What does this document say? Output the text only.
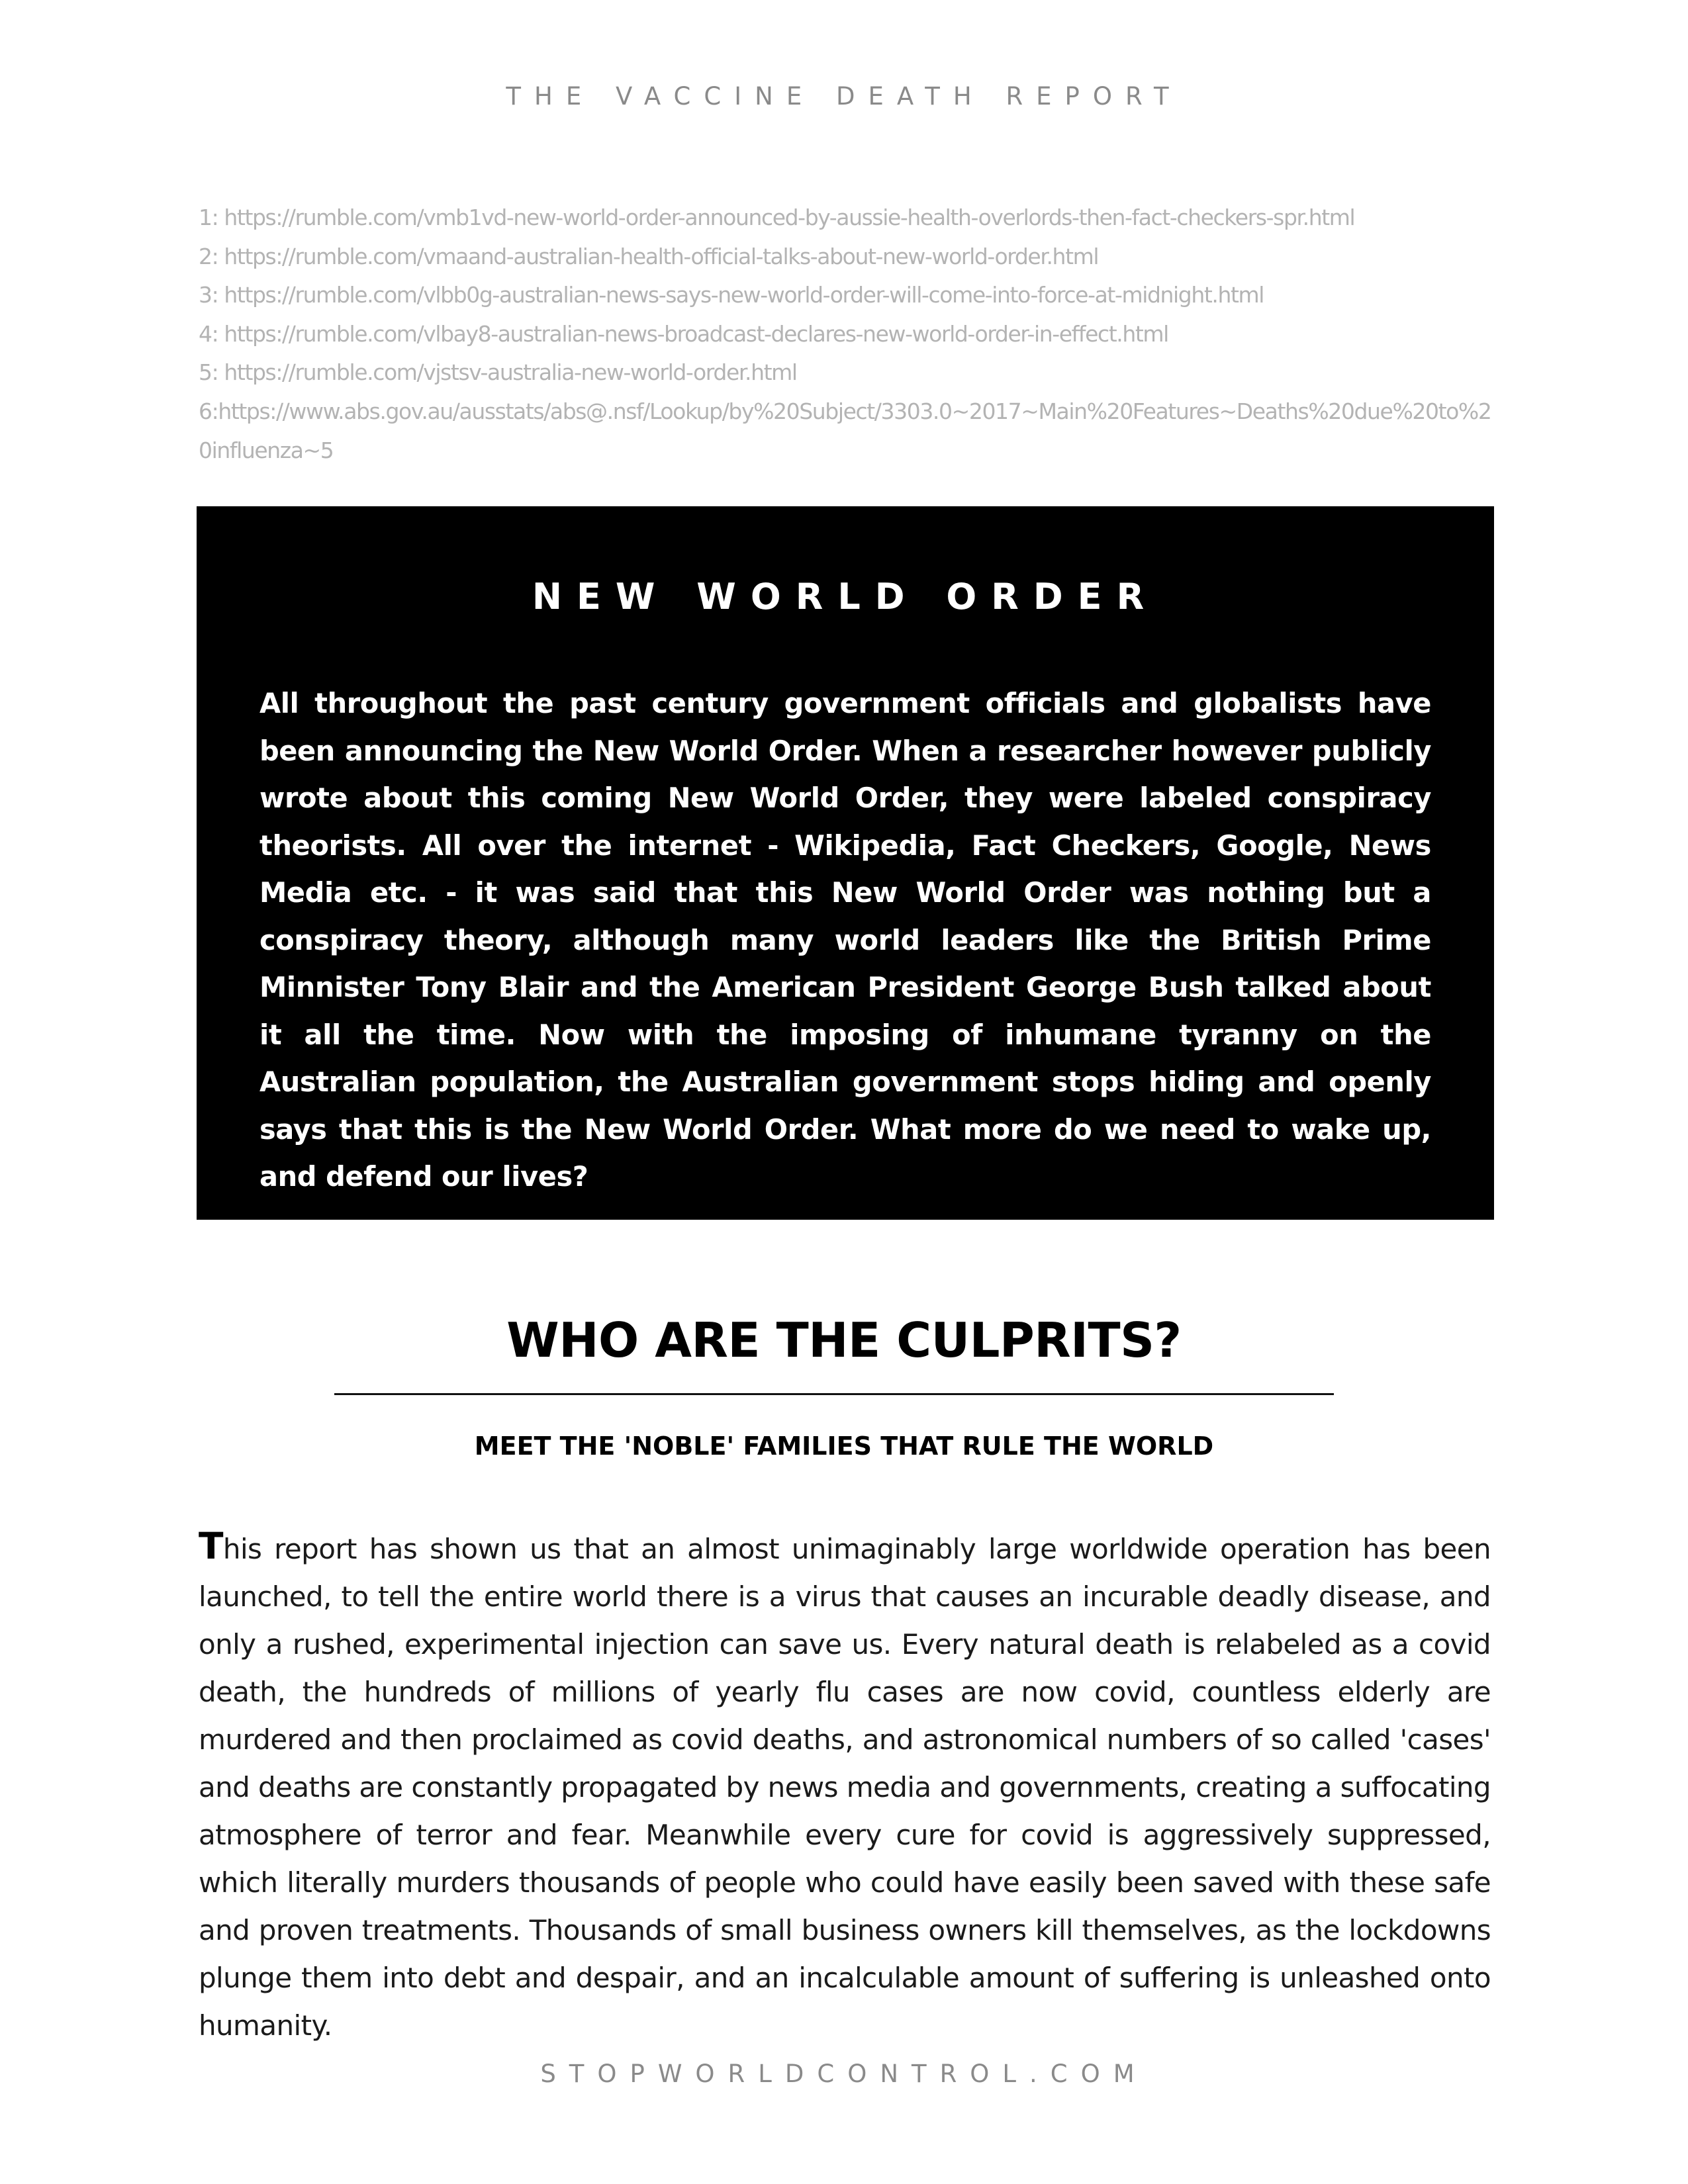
THE VACCINE DEATH REPORT
1: https://rumble.com/vmb1vd-new-world-order-announced-by-aussie-health-overlords-then-fact-checkers-spr.html
2: https://rumble.com/vmaand-australian-health-official-talks-about-new-world-order.html
3: https://rumble.com/vlbb0g-australian-news-says-new-world-order-will-come-into-force-at-midnight.html
4: https://rumble.com/vlbay8-australian-news-broadcast-declares-new-world-order-in-effect.html
5: https://rumble.com/vjstsv-australia-new-world-order.html
6:https://www.abs.gov.au/ausstats/abs@.nsf/Lookup/by%20Subject/3303.0~2017~Main%20Features~Deaths%20due%20to%20influenza~5
NEW WORLD ORDER

All throughout the past century government officials and globalists have been announcing the New World Order. When a researcher however publicly wrote about this coming New World Order, they were labeled conspiracy theorists. All over the internet - Wikipedia, Fact Checkers, Google, News Media etc. - it was said that this New World Order was nothing but a conspiracy theory, although many world leaders like the British Prime Minnister Tony Blair and the American President George Bush talked about it all the time. Now with the imposing of inhumane tyranny on the Australian population, the Australian government stops hiding and openly says that this is the New World Order. What more do we need to wake up, and defend our lives?

WHO ARE THE CULPRITS?
MEET THE 'NOBLE' FAMILIES THAT RULE THE WORLD

This report has shown us that an almost unimaginably large worldwide operation has been launched, to tell the entire world there is a virus that causes an incurable deadly disease, and only a rushed, experimental injection can save us. Every natural death is relabeled as a covid death, the hundreds of millions of yearly flu cases are now covid, countless elderly are murdered and then proclaimed as covid deaths, and astronomical numbers of so called 'cases' and deaths are constantly propagated by news media and governments, creating a suffocating atmosphere of terror and fear. Meanwhile every cure for covid is aggressively suppressed, which literally murders thousands of people who could have easily been saved with these safe and proven treatments. Thousands of small business owners kill themselves, as the lockdowns plunge them into debt and despair, and an incalculable amount of suffering is unleashed onto humanity.

STOPWORLDCONTROL.COM
